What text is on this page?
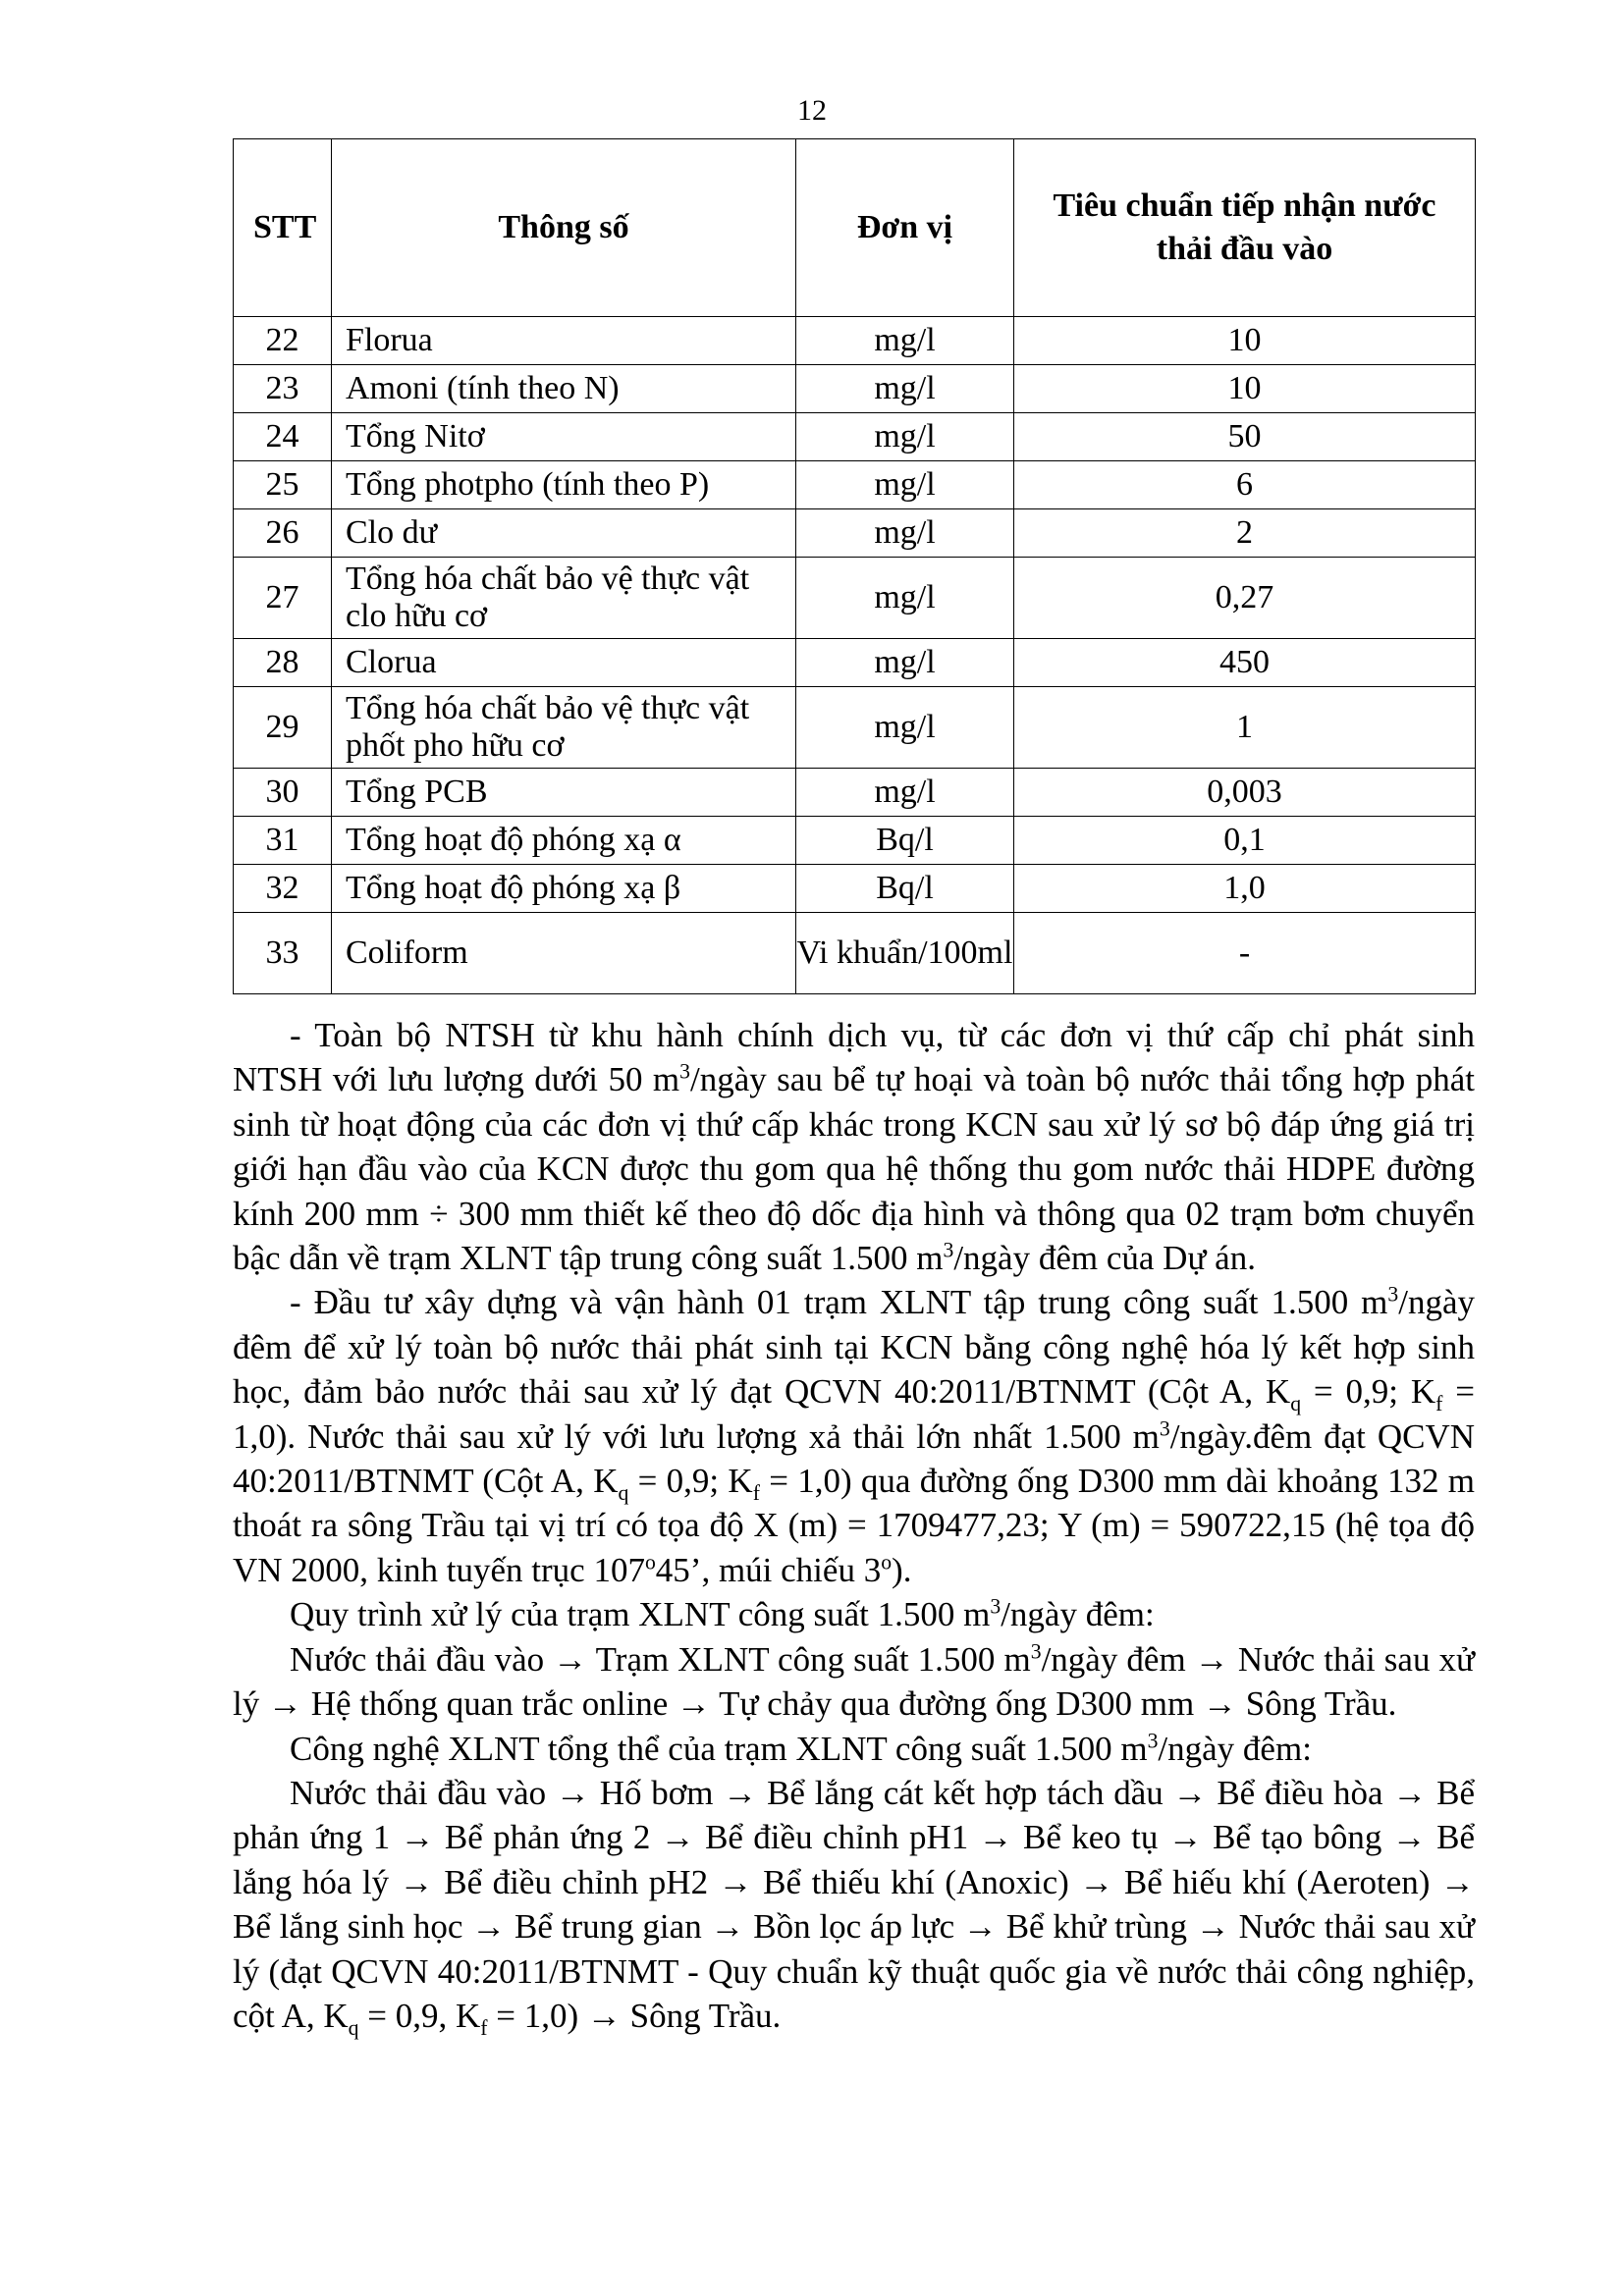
12
STT	Thông số	Đơn vị	Tiêu chuẩn tiếp nhận nước thải đầu vào
22	Florua	mg/l	10
23	Amoni (tính theo N)	mg/l	10
24	Tổng Nitơ	mg/l	50
25	Tổng photpho (tính theo P)	mg/l	6
26	Clo dư	mg/l	2
27	Tổng hóa chất bảo vệ thực vật clo hữu cơ	mg/l	0,27
28	Clorua	mg/l	450
29	Tổng hóa chất bảo vệ thực vật phốt pho hữu cơ	mg/l	1
30	Tổng PCB	mg/l	0,003
31	Tổng hoạt độ phóng xạ α	Bq/l	0,1
32	Tổng hoạt độ phóng xạ β	Bq/l	1,0
33	Coliform	Vi khuẩn/100ml	-

- Toàn bộ NTSH từ khu hành chính dịch vụ, từ các đơn vị thứ cấp chỉ phát sinh NTSH với lưu lượng dưới 50 $m^3$/ngày sau bể tự hoại và toàn bộ nước thải tổng hợp phát sinh từ hoạt động của các đơn vị thứ cấp khác trong KCN sau xử lý sơ bộ đáp ứng giá trị giới hạn đầu vào của KCN được thu gom qua hệ thống thu gom nước thải HDPE đường kính 200 mm ÷ 300 mm thiết kế theo độ dốc địa hình và thông qua 02 trạm bơm chuyển bậc dẫn về trạm XLNT tập trung công suất 1.500 $m^3$/ngày đêm của Dự án.

- Đầu tư xây dựng và vận hành 01 trạm XLNT tập trung công suất 1.500 $m^3$/ngày đêm để xử lý toàn bộ nước thải phát sinh tại KCN bằng công nghệ hóa lý kết hợp sinh học, đảm bảo nước thải sau xử lý đạt QCVN 40:2011/BTNMT (Cột A, $K_q = 0,9$; $K_f = 1,0$). Nước thải sau xử lý với lưu lượng xả thải lớn nhất 1.500 $m^3/ngày.đêm$ đạt QCVN 40:2011/BTNMT (Cột A, $K_q = 0,9$; $K_f = 1,0$) qua đường ống D300 mm dài khoảng 132 m thoát ra sông Trầu tại vị trí có tọa độ X (m) = 1709477,23; Y (m) = 590722,15 (hệ tọa độ VN 2000, kinh tuyến trục 107$^o$45’, múi chiếu 3$^o$).

Quy trình xử lý của trạm XLNT công suất 1.500 $m^3$/ngày đêm:

Nước thải đầu vào → Trạm XLNT công suất 1.500 $m^3$/ngày đêm → Nước thải sau xử lý → Hệ thống quan trắc online → Tự chảy qua đường ống D300 mm → Sông Trầu.

Công nghệ XLNT tổng thể của trạm XLNT công suất 1.500 $m^3$/ngày đêm:

Nước thải đầu vào → Hố bơm → Bể lắng cát kết hợp tách dầu → Bể điều hòa → Bể phản ứng 1 → Bể phản ứng 2 → Bể điều chỉnh pH1 → Bể keo tụ → Bể tạo bông → Bể lắng hóa lý → Bể điều chỉnh pH2 → Bể thiếu khí (Anoxic) → Bể hiếu khí (Aeroten) → Bể lắng sinh học → Bể trung gian → Bồn lọc áp lực → Bể khử trùng → Nước thải sau xử lý (đạt QCVN 40:2011/BTNMT - Quy chuẩn kỹ thuật quốc gia về nước thải công nghiệp, cột A, $K_q = 0,9$, $K_f = 1,0$) → Sông Trầu.
